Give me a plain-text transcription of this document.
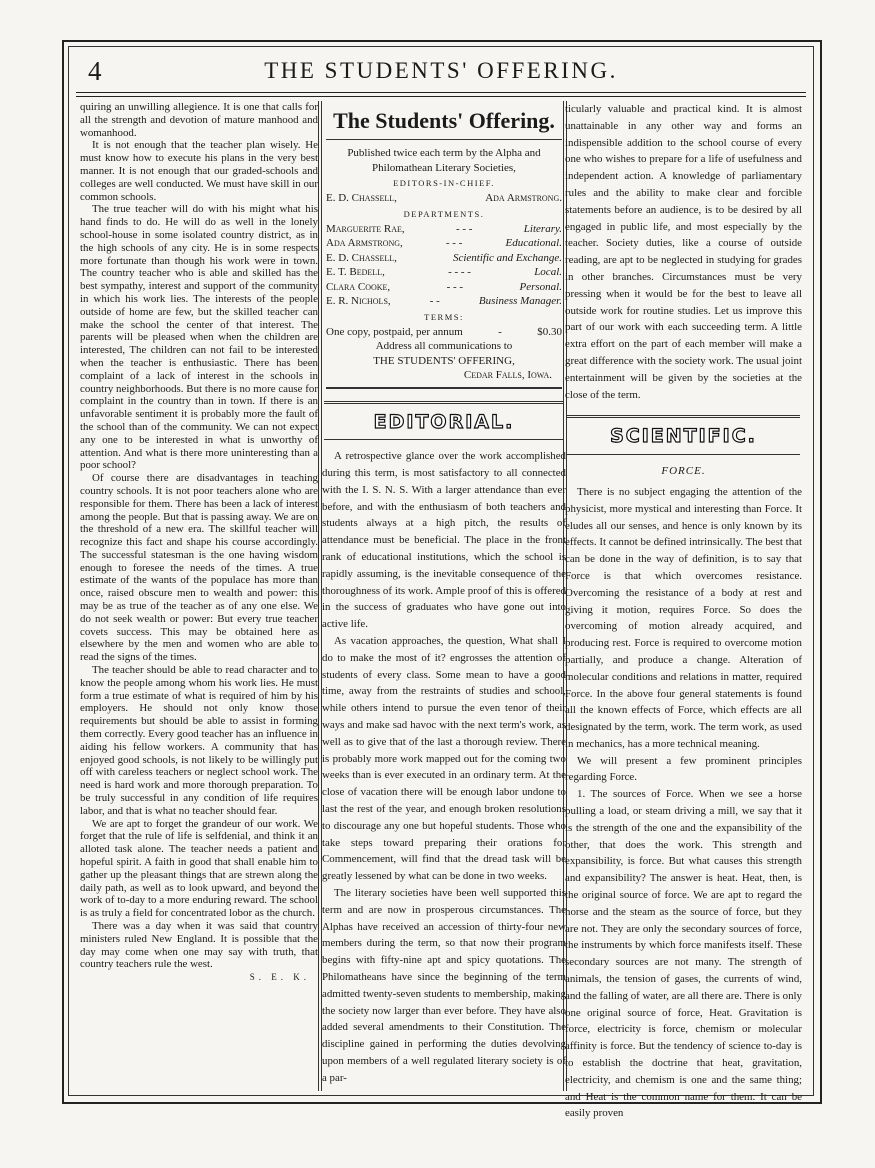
4	THE STUDENTS' OFFERING.

quiring an unwilling allegience. It is one that calls for all the strength and devotion of mature manhood and womanhood.

It is not enough that the teacher plan wisely. He must know how to execute his plans in the very best manner. It is not enough that our graded-schools and colleges are well conducted. We must have skill in our common schools.

The true teacher will do with his might what his hand finds to do. He will do as well in the lonely school-house in some isolated country district, as in the high schools of any city. He is in some respects more fortunate than though his work were in town. The country teacher who is able and skilled has the best sympathy, interest and support of the community in which his work lies. The interests of the people outside of home are few, but the skilled teacher can make the school the center of that interest. The parents will be pleased when when the children are interested, The children can not fail to be interested when the teacher is enthusiastic. There has been complaint of a lack of interest in the schools in country neighborhoods. But there is no more cause for complaint in the country than in town. If there is an unfavorable sentiment it is probably more the fault of the school than of the community. We can not expect any one to be interested in what is unworthy of attention. And what is there more uninteresting than a poor school?

Of course there are disadvantages in teaching country schools. It is not poor teachers alone who are responsible for them. There has been a lack of interest among the people. But that is passing away. We are on the threshold of a new era. The skillful teacher will recognize this fact and shape his course accordingly. The successful statesman is the one having wisdom enough to foresee the needs of the times. A true estimate of the wants of the populace has more than once, raised obscure men to wealth and power: this may be as true of the teacher as of any one else. We do not seek wealth or power: But every true teacher covets success. This may be obtained here as elsewhere by the men and women who are able to read the signs of the times.

The teacher should be able to read character and to know the people among whom his work lies. He must form a true estimate of what is required of him by his employers. He should not only know those requirements but should be able to assist in forming them correctly. Every good teacher has an influence in aiding his fellow workers. A community that has enjoyed good schools, is not likely to be willingly put off with careless teachers or neglect school work. The need is hard work and more thorough preparation. To be truly successful in any condition of life requires labor, and that is what no teacher should fear.

We are apt to forget the grandeur of our work. We forget that the rule of life is selfdenial, and think it an alloted task alone. The teacher needs a patient and hopeful spirit. A faith in good that shall enable him to gather up the pleasant things that are strewn along the daily path, as well as to look upward, and beyond the work of to-day to a more enduring reward. The school is as truly a field for concentrated lobor as the church.

There was a day when it was said that country ministers ruled New England. It is possible that the day may come when one may say with truth, that country teachers rule the west.

S. E. K.
The Students' Offering.
Published twice each term by the Alpha and Philomathean Literary Societies,
EDITORS-IN-CHIEF.
E. D. Chassell,	Ada Armstrong.
DEPARTMENTS.
Marguerite Rae,	- - -	Literary.
Ada Armstrong,	- - -	Educational.
E. D. Chassell,	Scientific and Exchange.
E. T. Bedell,	- - - -	Local.
Clara Cooke,	- - -	Personal.
E. R. Nichols,	- -	Business Manager.
TERMS:
One copy, postpaid, per annum	-	$0.30
Address all communications to
THE STUDENTS' OFFERING,
Cedar Falls, Iowa.
EDITORIAL.

A retrospective glance over the work accomplished during this term, is most satisfactory to all connected with the I. S. N. S. With a larger attendance than ever before, and with the enthusiasm of both teachers and students always at a high pitch, the results of attendance must be beneficial. The place in the front rank of educational institutions, which the school is rapidly assuming, is the inevitable consequence of the thoroughness of its work. Ample proof of this is offered in the success of graduates who have gone out into active life.

As vacation approaches, the question, What shall I do to make the most of it? engrosses the attention of students of every class. Some mean to have a good time, away from the restraints of studies and school, while others intend to pursue the even tenor of their ways and make sad havoc with the next term's work, as well as to give that of the last a thorough review. There is probably more work mapped out for the coming two weeks than is ever executed in an ordinary term. At the close of vacation there will be enough labor undone to last the rest of the year, and enough broken resolutions to discourage any one but hopeful students. Those who take steps toward preparing their orations for Commencement, will find that the dread task will be greatly lessened by what can be done in two weeks.

The literary societies have been well supported this term and are now in prosperous circumstances. The Alphas have received an accession of thirty-four new members during the term, so that now their program begins with fifty-nine apt and spicy quotations. The Philomatheans have since the beginning of the term admitted twenty-seven students to membership, making the society now larger than ever before. They have also added several amendments to their Constitution. The discipline gained in performing the duties devolving upon members of a well regulated literary society is of a par-

ticularly valuable and practical kind. It is almost unattainable in any other way and forms an indispensible addition to the school course of every one who wishes to prepare for a life of usefulness and independent action. A knowledge of parliamentary rules and the ability to make clear and forcible statements before an audience, is to be desired by all engaged in public life, and most especially by the teacher. Society duties, like a course of outside reading, are apt to be neglected in studying for grades in other branches. Circumstances must be very pressing when it would be for the best to leave all outside work for routine studies. Let us improve this part of our work with each succeeding term. A little extra effort on the part of each member will make a great difference with the society work. The usual joint entertainment will be given by the societies at the close of the term.

SCIENTIFIC.
FORCE.

There is no subject engaging the attention of the physicist, more mystical and interesting than Force. It eludes all our senses, and hence is only known by its effects. It cannot be defined intrinsically. The best that can be done in the way of definition, is to say that Force is that which overcomes resistance. Overcoming the resistance of a body at rest and giving it motion, requires Force. So does the overcoming of motion already acquired, and producing rest. Force is required to overcome motion partially, and produce a change. Alteration of molecular conditions and relations in matter, required Force. In the above four general statements is found all the known effects of Force, which effects are all designated by the term, work. The term work, as used in mechanics, has a more technical meaning.

We will present a few prominent principles regarding Force.

1. The sources of Force. When we see a horse pulling a load, or steam driving a mill, we say that it is the strength of the one and the expansibility of the other, that does the work. This strength and expansibility, is force. But what causes this strength and expansibility? The answer is heat. Heat, then, is the original source of force. We are apt to regard the horse and the steam as the source of force, but they are not. They are only the secondary sources of force, the instruments by which force manifests itself. These secondary sources are not many. The strength of animals, the tension of gases, the currents of wind, and the falling of water, are all there are. There is only one original source of force, Heat. Gravitation is force, electricity is force, chemism or molecular affinity is force. But the tendency of science to-day is to establish the doctrine that heat, gravitation, electricity, and chemism is one and the same thing; and Heat is the common name for them. It can be easily proven
